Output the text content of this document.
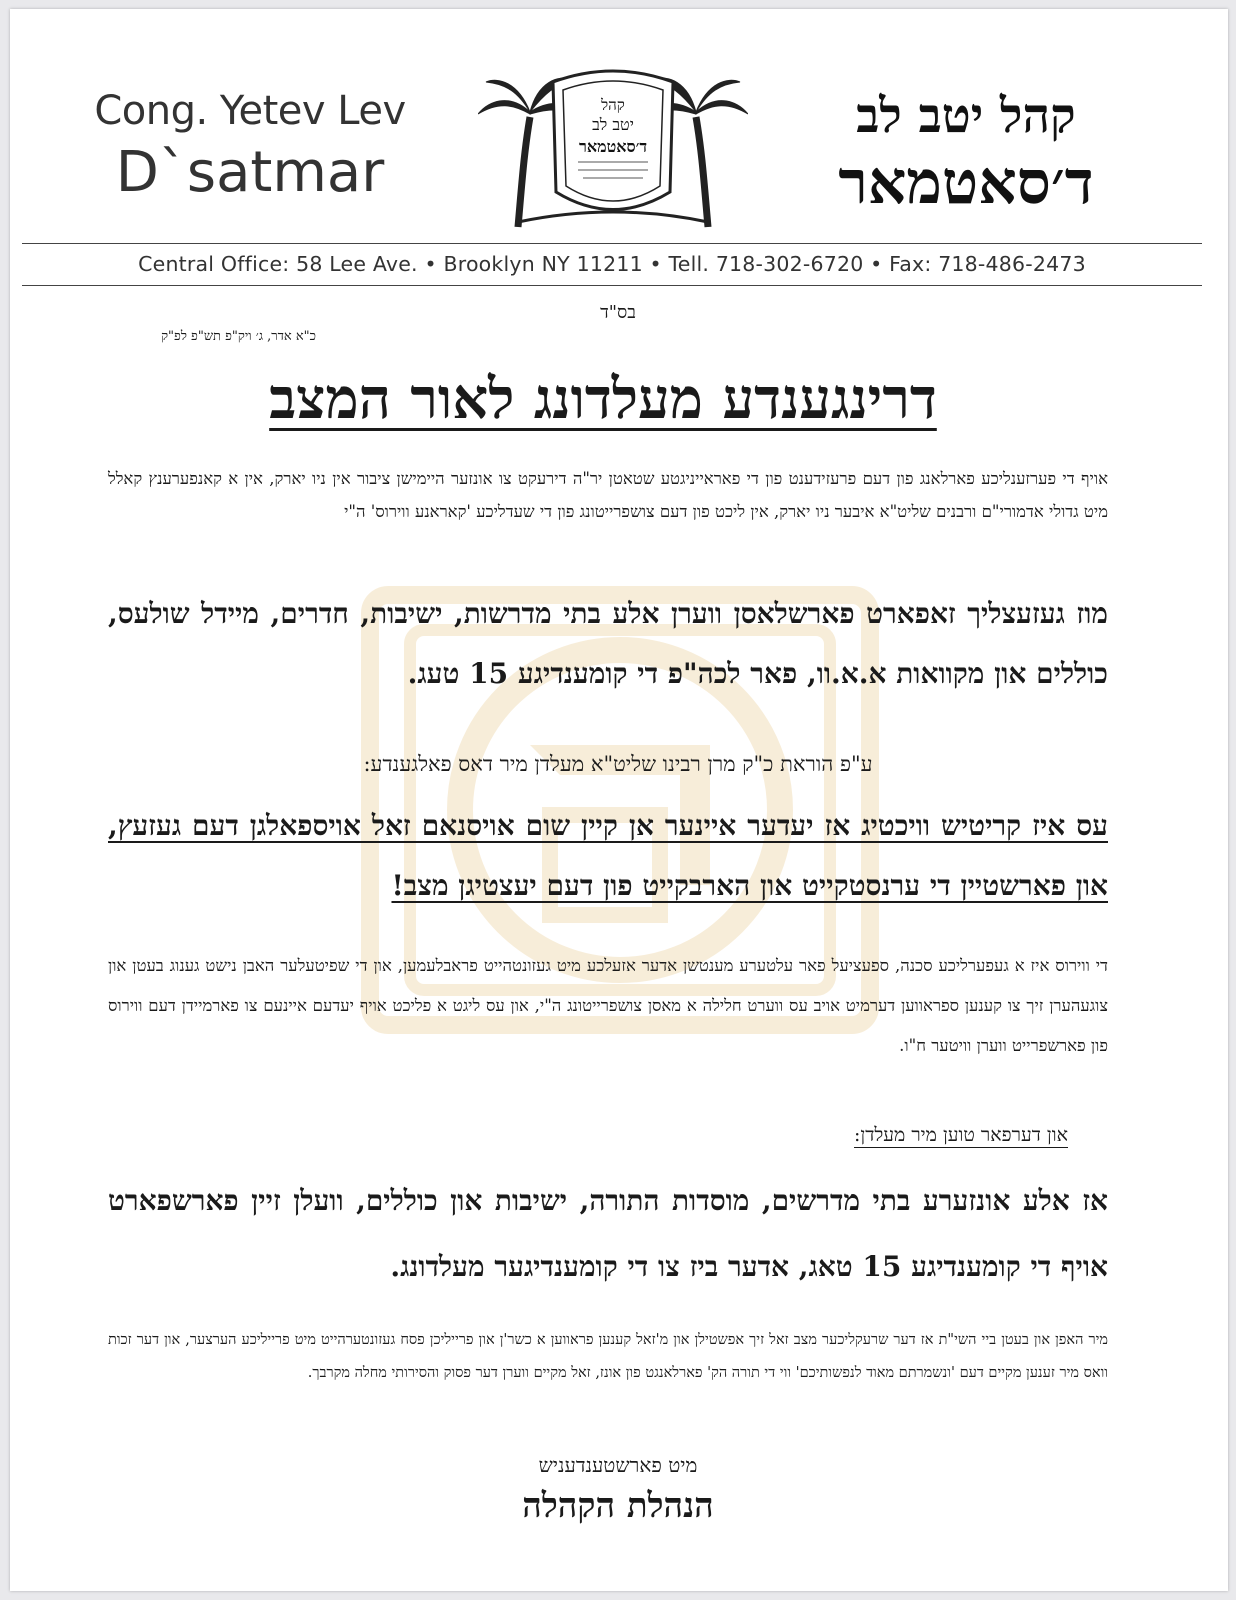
Cong. Yetev Lev
D`satmar
קהל
יטב לב
ד׳סאטמאר
קהל יטב לב
ד׳סאטמאר
Central Office: 58 Lee Ave. • Brooklyn NY 11211 • Tell. 718-302-6720 • Fax: 718-486-2473
בס"ד
כ"א אדר, ג׳ ויק"פ תש"פ לפ"ק
דרינגענדע מעלדונג לאור המצב
אויף די פערזענליכע פארלאנג פון דעם פרעזידענט פון די פאראייניגטע שטאטן יר"ה דירעקט צו אונזער היימישן ציבור אין ניו יארק, אין א קאנפערענץ קאלל מיט גדולי אדמורי"ם ורבנים שליט"א איבער ניו יארק, אין ליכט פון דעם צושפרייטונג פון די שעדליכע 'קאראנע ווירוס' ה"י
מוז געזעצליך זאפארט פארשלאסן ווערן אלע בתי מדרשות, ישיבות, חדרים, מיידל שולעס, כוללים און מקוואות א.א.וו, פאר לכה"פ די קומענדיגע 15 טעג.
ע"פ הוראת כ"ק מרן רבינו שליט"א מעלדן מיר דאס פאלגענדע:
עס איז קריטיש וויכטיג אז יעדער איינער אן קיין שום אויסנאם זאל אויספאלגן דעם געזעץ, און פארשטיין די ערנסטקייט און הארבקייט פון דעם יעצטיגן מצב!
די ווירוס איז א געפערליכע סכנה, ספעציעל פאר עלטערע מענטשן אדער אזעלכע מיט געזונטהייט פראבלעמען, און די שפיטעלער האבן נישט גענוג בעטן און צוגעהערן זיך צו קענען ספראווען דערמיט אויב עס ווערט חלילה א מאסן צושפרייטונג ה"י, און עס ליגט א פליכט אויף יעדעם איינעם צו פארמיידן דעם ווירוס פון פארשפרייט ווערן וויטער ח"ו.
און דערפאר טוען מיר מעלדן:
אז אלע אונזערע בתי מדרשים, מוסדות התורה, ישיבות און כוללים, וועלן זיין פארשפארט אויף די קומענדיגע 15 טאג, אדער ביז צו די קומענדיגער מעלדונג.
מיר האפן און בעטן ביי השי"ת אז דער שרעקליכער מצב זאל זיך אפשטילן און מ'זאל קענען פראווען א כשר'ן און פרייליכן פסח געזונטערהייט מיט פרייליכע הערצער, און דער זכות וואס מיר זענען מקיים דעם 'ונשמרתם מאוד לנפשותיכם' ווי די תורה הק' פארלאנגט פון אונז, זאל מקיים ווערן דער פסוק והסירותי מחלה מקרבך.
מיט פארשטענדעניש
הנהלת הקהלה
